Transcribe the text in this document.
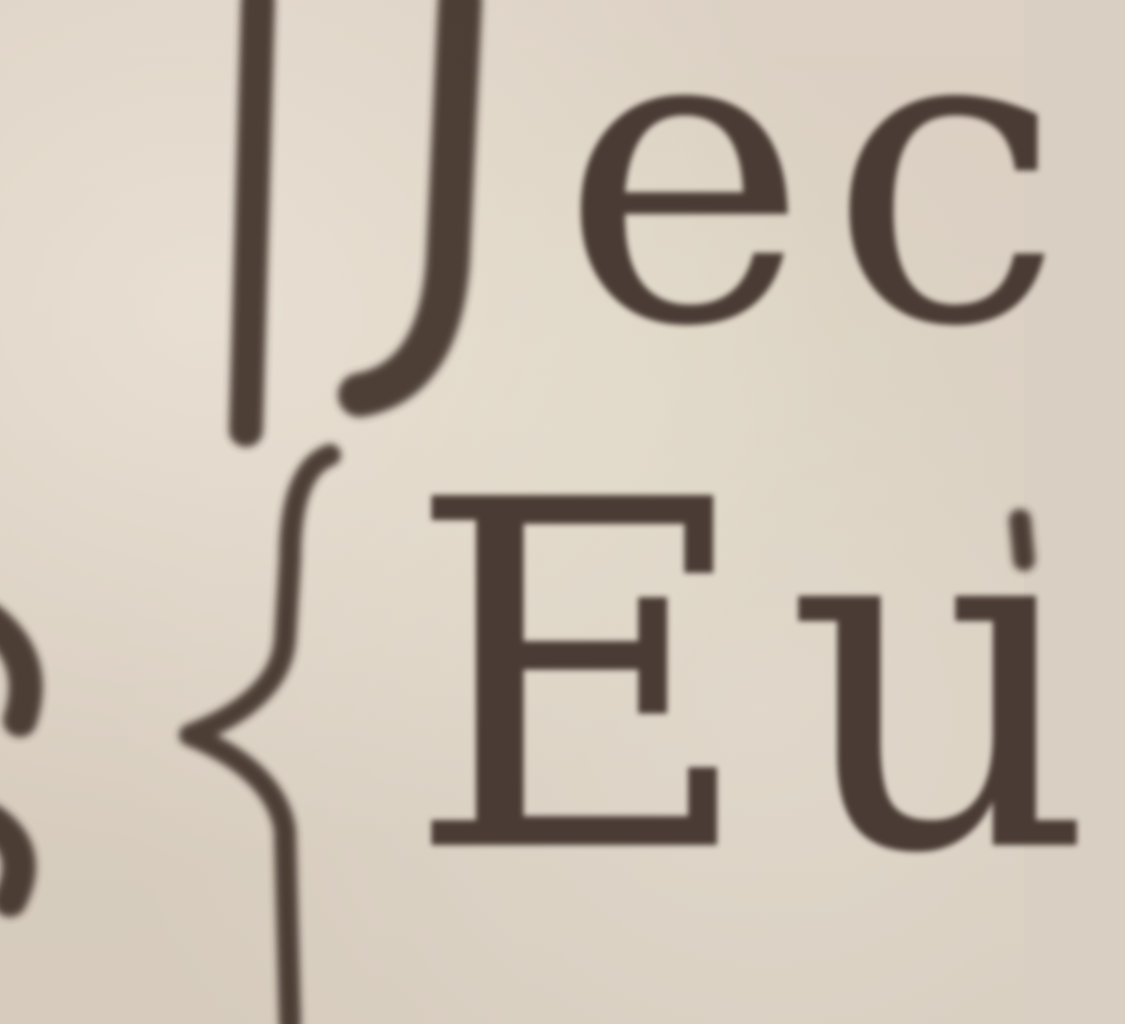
ec
Eu
